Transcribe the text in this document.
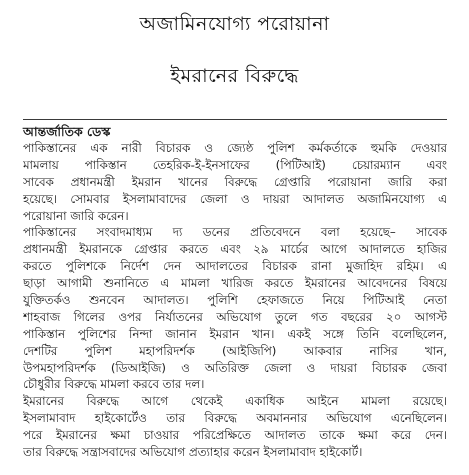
অজামিনযোগ্য পরোয়ানা
ইমরানের বিরুদ্ধে
আন্তর্জাতিক ডেস্ক
পাকিস্তানের এক নারী বিচারক ও জ্যেষ্ঠ পুলিশ কর্মকর্তাকে হুমকি দেওয়ার
মামলায় পাকিস্তান তেহরিক-ই-ইনসাফের (পিটিআই) চেয়ারম্যান এবং
সাবেক প্রধানমন্ত্রী ইমরান খানের বিরুদ্ধে গ্রেপ্তারি পরোয়ানা জারি করা
হয়েছে। সোমবার ইসলামাবাদের জেলা ও দায়রা আদালত অজামিনযোগ্য এ
পরোয়ানা জারি করেন।
পাকিস্তানের সংবাদমাধ্যম দ্য ডনের প্রতিবেদনে বলা হয়েছে– সাবেক
প্রধানমন্ত্রী ইমরানকে গ্রেপ্তার করতে এবং ২৯ মার্চের আগে আদালতে হাজির
করতে পুলিশকে নির্দেশ দেন আদালতের বিচারক রানা মুজাহিদ রহিম। এ
ছাড়া আগামী শুনানিতে এ মামলা খারিজ করতে ইমরানের আবেদনের বিষয়ে
যুক্তিতর্কও শুনবেন আদালত। পুলিশি হেফাজতে নিয়ে পিটিআই নেতা
শাহবাজ গিলের ওপর নির্যাতনের অভিযোগ তুলে গত বছরের ২০ আগস্ট
পাকিস্তান পুলিশের নিন্দা জানান ইমরান খান। একই সঙ্গে তিনি বলেছিলেন,
দেশটির পুলিশ মহাপরিদর্শক (আইজিপি) আকবার নাসির খান,
উপমহাপরিদর্শক (ডিআইজি) ও অতিরিক্ত জেলা ও দায়রা বিচারক জেবা
চৌধুরীর বিরুদ্ধে মামলা করবে তার দল।
ইমরানের বিরুদ্ধে আগে থেকেই একাধিক আইনে মামলা রয়েছে।
ইসলামাবাদ হাইকোর্টেও তার বিরুদ্ধে অবমাননার অভিযোগ এনেছিলেন।
পরে ইমরানের ক্ষমা চাওয়ার পরিপ্রেক্ষিতে আদালত তাকে ক্ষমা করে দেন।
তার বিরুদ্ধে সন্ত্রাসবাদের অভিযোগ প্রত্যাহার করেন ইসলামাবাদ হাইকোর্ট।
